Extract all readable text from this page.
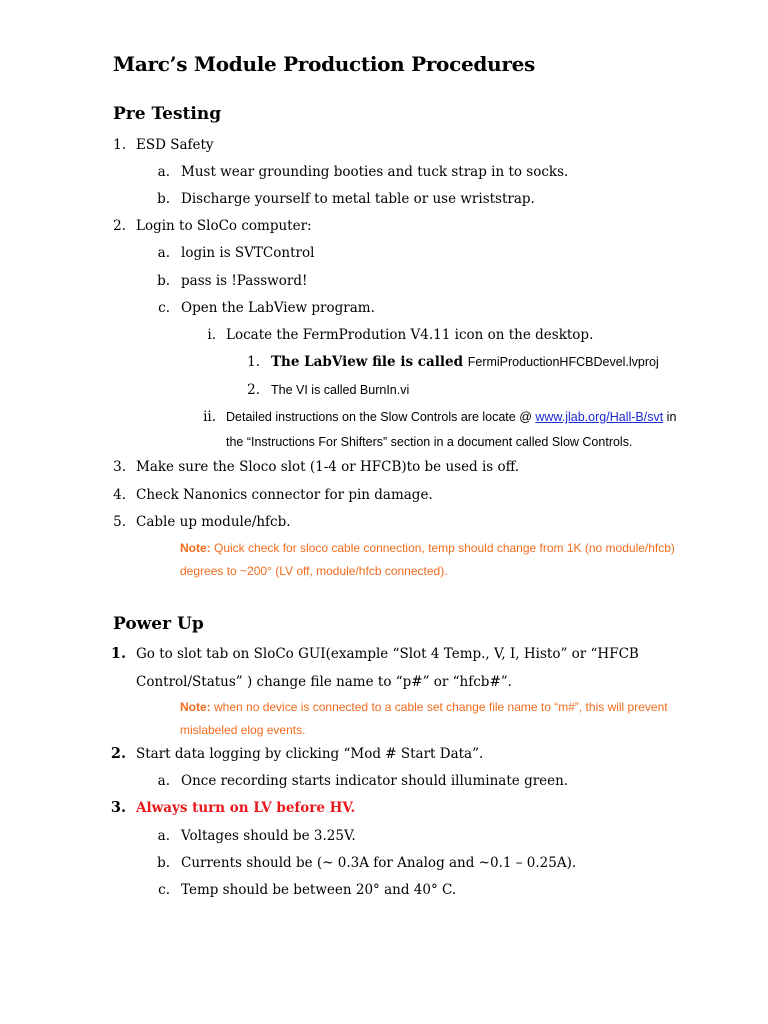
Marc’s Module Production Procedures
Pre Testing
1. ESD Safety
a. Must wear grounding booties and tuck strap in to socks.
b. Discharge yourself to metal table or use wriststrap.
2. Login to SloCo computer:
a. login is SVTControl
b. pass is !Password!
c. Open the LabView program.
i. Locate the FermProdution V4.11 icon on the desktop.
1. The LabView file is called FermiProductionHFCBDevel.lvproj
2. The VI is called BurnIn.vi
ii. Detailed instructions on the Slow Controls are locate @ www.jlab.org/Hall-B/svt in
the “Instructions For Shifters” section in a document called Slow Controls.
3. Make sure the Sloco slot (1-4 or HFCB)to be used is off.
4. Check Nanonics connector for pin damage.
5. Cable up module/hfcb.
Note: Quick check for sloco cable connection, temp should change from 1K (no module/hfcb)
degrees to ~200° (LV off, module/hfcb connected).
Power Up
1. Go to slot tab on SloCo GUI(example “Slot 4 Temp., V, I, Histo” or “HFCB
Control/Status” ) change file name to “p#” or “hfcb#”.
Note: when no device is connected to a cable set change file name to “m#”, this will prevent
mislabeled elog events.
2. Start data logging by clicking “Mod # Start Data”.
a. Once recording starts indicator should illuminate green.
3. Always turn on LV before HV.
a. Voltages should be 3.25V.
b. Currents should be (~ 0.3A for Analog and ~0.1 – 0.25A).
c. Temp should be between 20° and 40° C.
